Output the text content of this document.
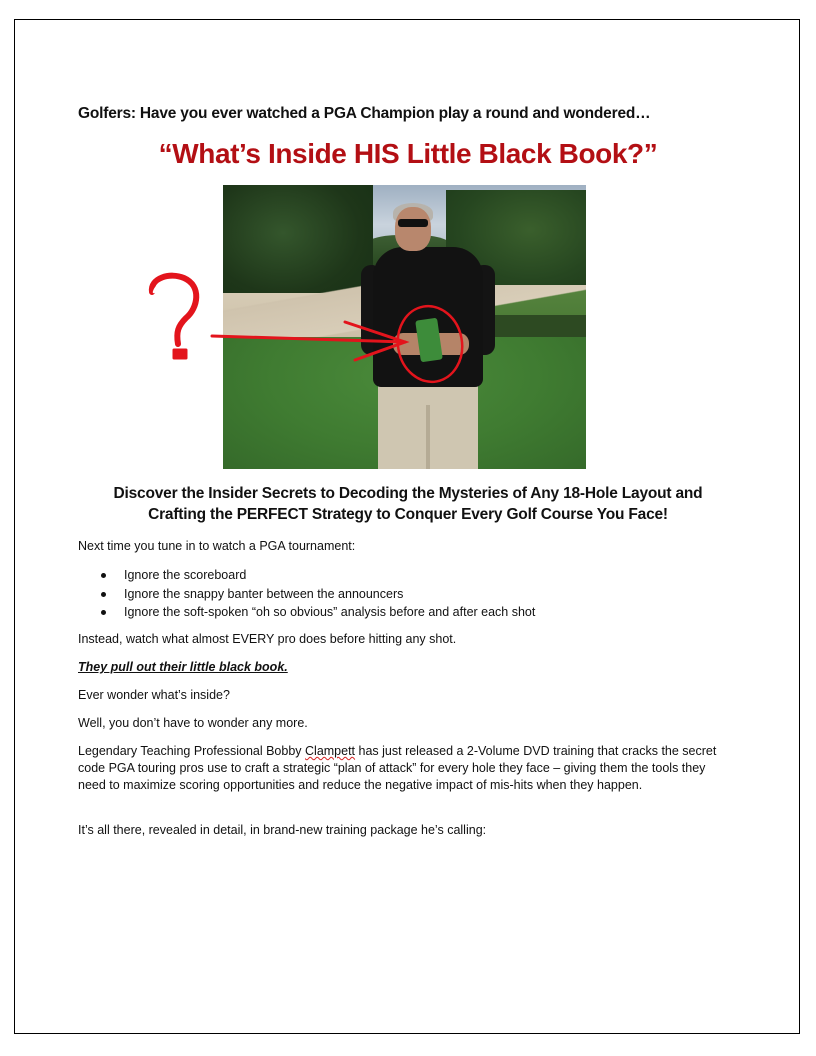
Golfers: Have you ever watched a PGA Champion play a round and wondered…
“What’s Inside HIS Little Black Book?”
Discover the Insider Secrets to Decoding the Mysteries of Any 18-Hole Layout and
Crafting the PERFECT Strategy to Conquer Every Golf Course You Face!
Next time you tune in to watch a PGA tournament:
Ignore the scoreboard
Ignore the snappy banter between the announcers
Ignore the soft-spoken “oh so obvious” analysis before and after each shot
Instead, watch what almost EVERY pro does before hitting any shot.
They pull out their little black book.
Ever wonder what’s inside?
Well, you don’t have to wonder any more.
Legendary Teaching Professional Bobby Clampett has just released a 2-Volume DVD training that cracks the secret code PGA touring pros use to craft a strategic “plan of attack” for every hole they face – giving them the tools they need to maximize scoring opportunities and reduce the negative impact of mis-hits when they happen.
It’s all there, revealed in detail, in brand-new training package he’s calling:
